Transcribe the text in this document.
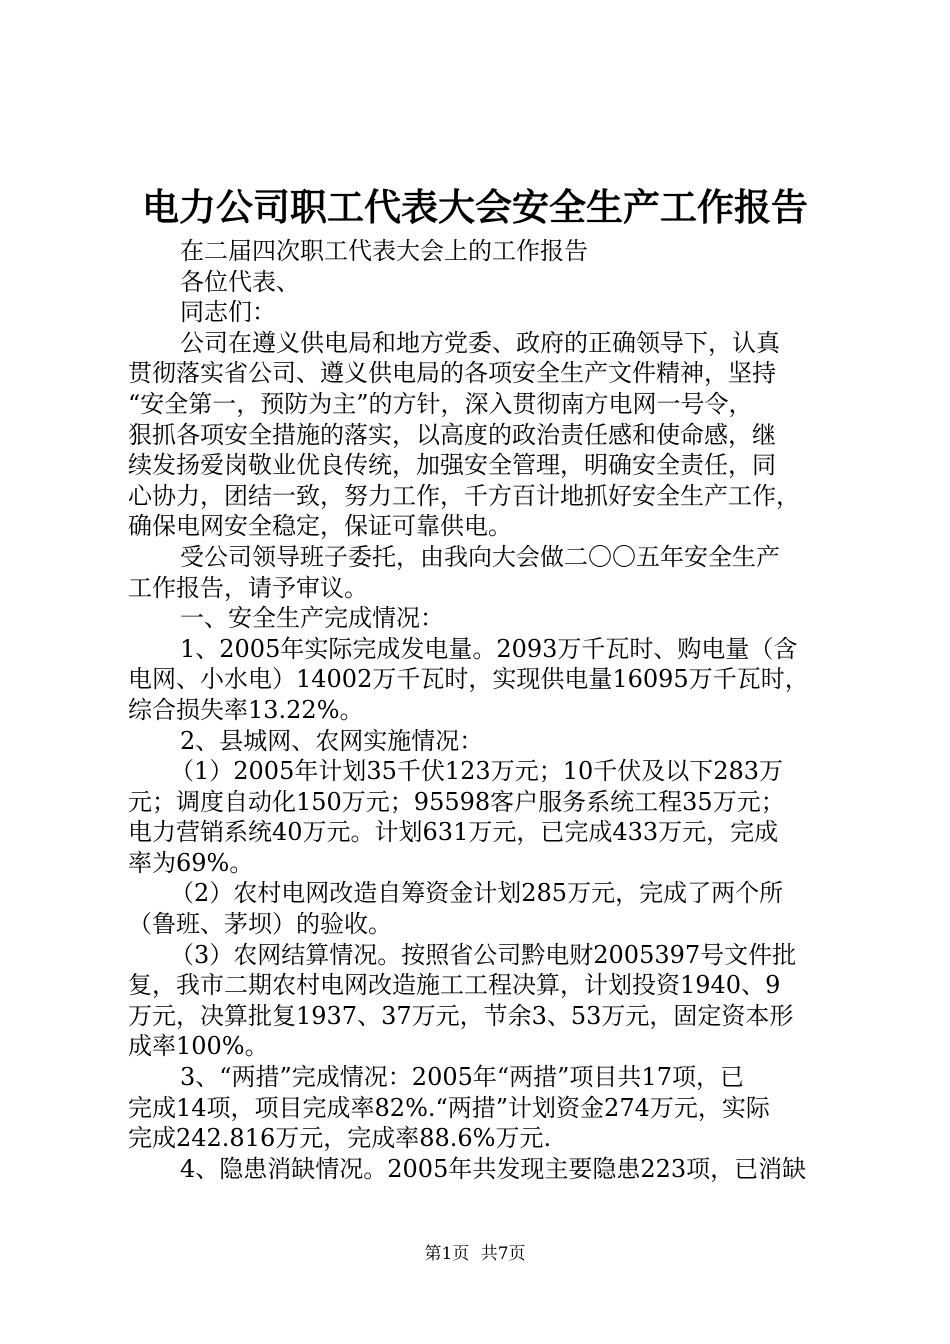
电力公司职工代表大会安全生产工作报告
在二届四次职工代表大会上的工作报告
各位代表、
同志们：
公司在遵义供电局和地方党委、政府的正确领导下，认真
贯彻落实省公司、遵义供电局的各项安全生产文件精神，坚持
“安全第一，预防为主”的方针，深入贯彻南方电网一号令，
狠抓各项安全措施的落实，以高度的政治责任感和使命感，继
续发扬爱岗敬业优良传统，加强安全管理，明确安全责任，同
心协力，团结一致，努力工作，千方百计地抓好安全生产工作，
确保电网安全稳定，保证可靠供电。
受公司领导班子委托，由我向大会做二〇〇五年安全生产
工作报告，请予审议。
一、安全生产完成情况：
1、2005年实际完成发电量。2093万千瓦时、购电量（含
电网、小水电）14002万千瓦时，实现供电量16095万千瓦时，
综合损失率13.22%。
2、县城网、农网实施情况：
（1）2005年计划35千伏123万元；10千伏及以下283万
元；调度自动化150万元；95598客户服务系统工程35万元；
电力营销系统40万元。计划631万元，已完成433万元，完成
率为69%。
（2）农村电网改造自筹资金计划285万元，完成了两个所
（鲁班、茅坝）的验收。
（3）农网结算情况。按照省公司黔电财2005397号文件批
复，我市二期农村电网改造施工工程决算，计划投资1940、9
万元，决算批复1937、37万元，节余3、53万元，固定资本形
成率100%。
3、“两措”完成情况：2005年“两措”项目共17项，已
完成14项，项目完成率82%.“两措”计划资金274万元，实际
完成242.816万元，完成率88.6%万元.
4、隐患消缺情况。2005年共发现主要隐患223项，已消缺
第1页 共7页
